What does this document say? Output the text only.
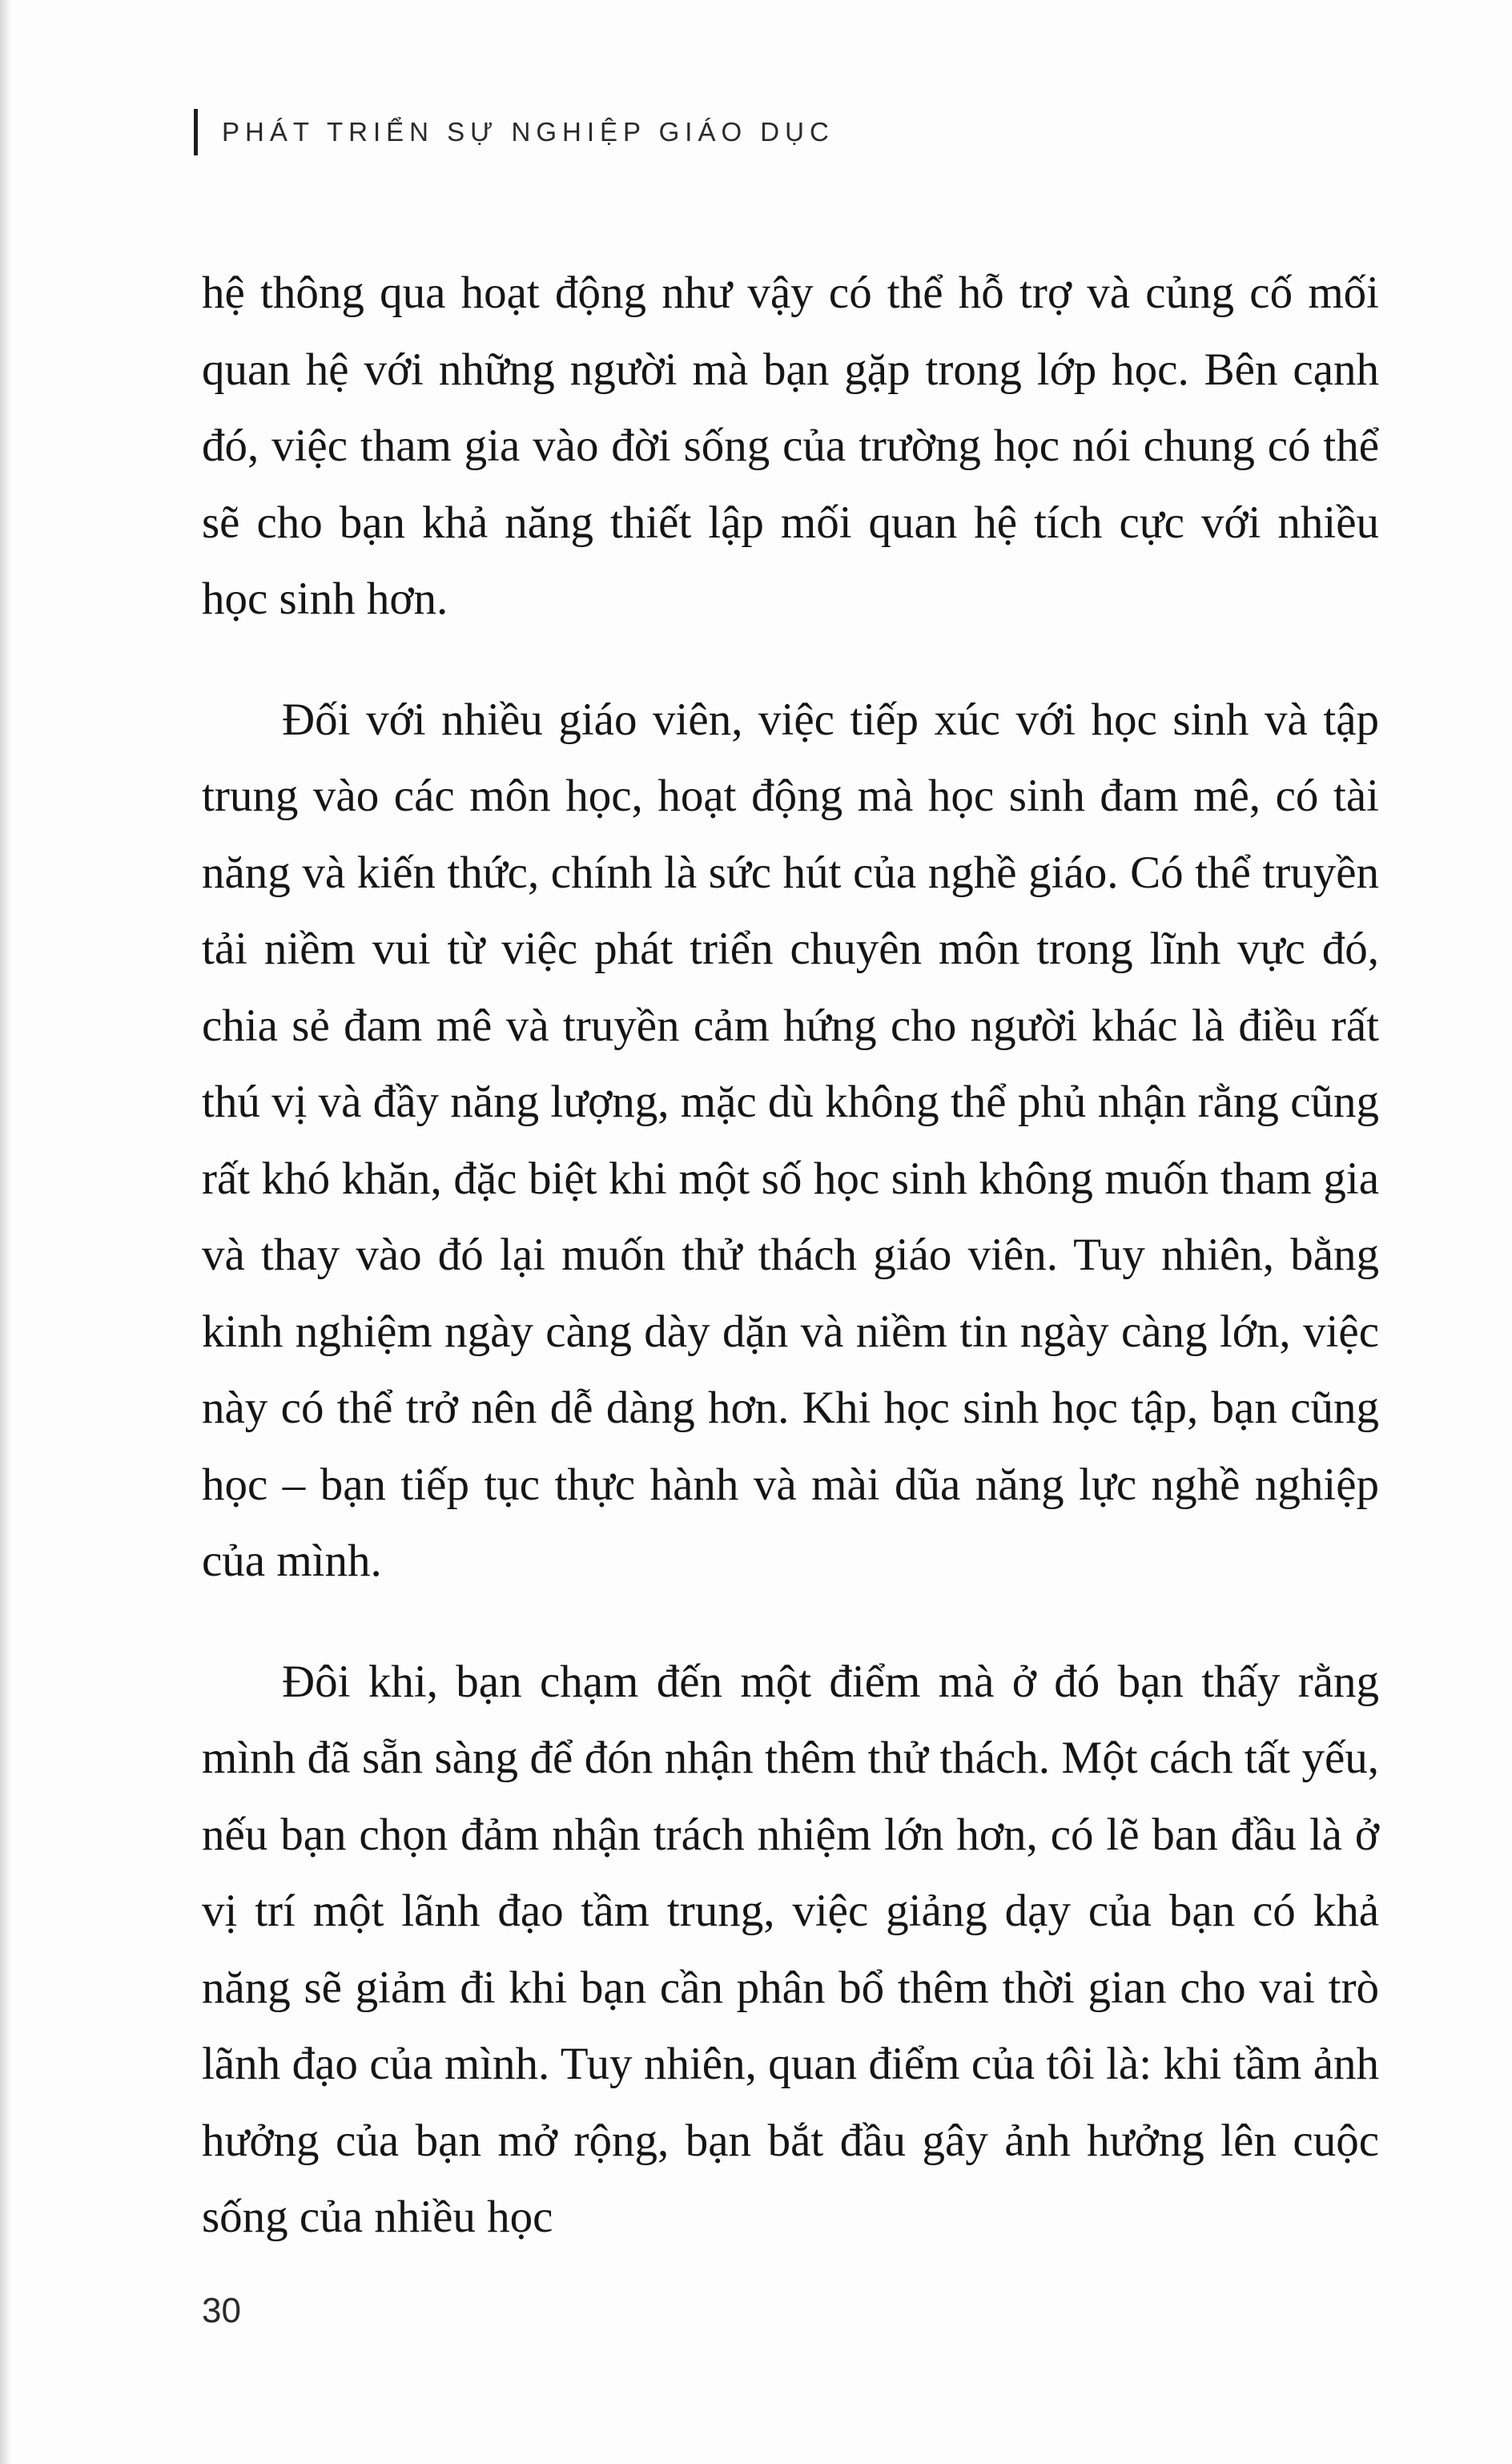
PHÁT TRIỂN SỰ NGHIỆP GIÁO DỤC

hệ thông qua hoạt động như vậy có thể hỗ trợ và củng cố mối quan hệ với những người mà bạn gặp trong lớp học. Bên cạnh đó, việc tham gia vào đời sống của trường học nói chung có thể sẽ cho bạn khả năng thiết lập mối quan hệ tích cực với nhiều học sinh hơn.

Đối với nhiều giáo viên, việc tiếp xúc với học sinh và tập trung vào các môn học, hoạt động mà học sinh đam mê, có tài năng và kiến thức, chính là sức hút của nghề giáo. Có thể truyền tải niềm vui từ việc phát triển chuyên môn trong lĩnh vực đó, chia sẻ đam mê và truyền cảm hứng cho người khác là điều rất thú vị và đầy năng lượng, mặc dù không thể phủ nhận rằng cũng rất khó khăn, đặc biệt khi một số học sinh không muốn tham gia và thay vào đó lại muốn thử thách giáo viên. Tuy nhiên, bằng kinh nghiệm ngày càng dày dặn và niềm tin ngày càng lớn, việc này có thể trở nên dễ dàng hơn. Khi học sinh học tập, bạn cũng học – bạn tiếp tục thực hành và mài dũa năng lực nghề nghiệp của mình.

Đôi khi, bạn chạm đến một điểm mà ở đó bạn thấy rằng mình đã sẵn sàng để đón nhận thêm thử thách. Một cách tất yếu, nếu bạn chọn đảm nhận trách nhiệm lớn hơn, có lẽ ban đầu là ở vị trí một lãnh đạo tầm trung, việc giảng dạy của bạn có khả năng sẽ giảm đi khi bạn cần phân bổ thêm thời gian cho vai trò lãnh đạo của mình. Tuy nhiên, quan điểm của tôi là: khi tầm ảnh hưởng của bạn mở rộng, bạn bắt đầu gây ảnh hưởng lên cuộc sống của nhiều học

30
